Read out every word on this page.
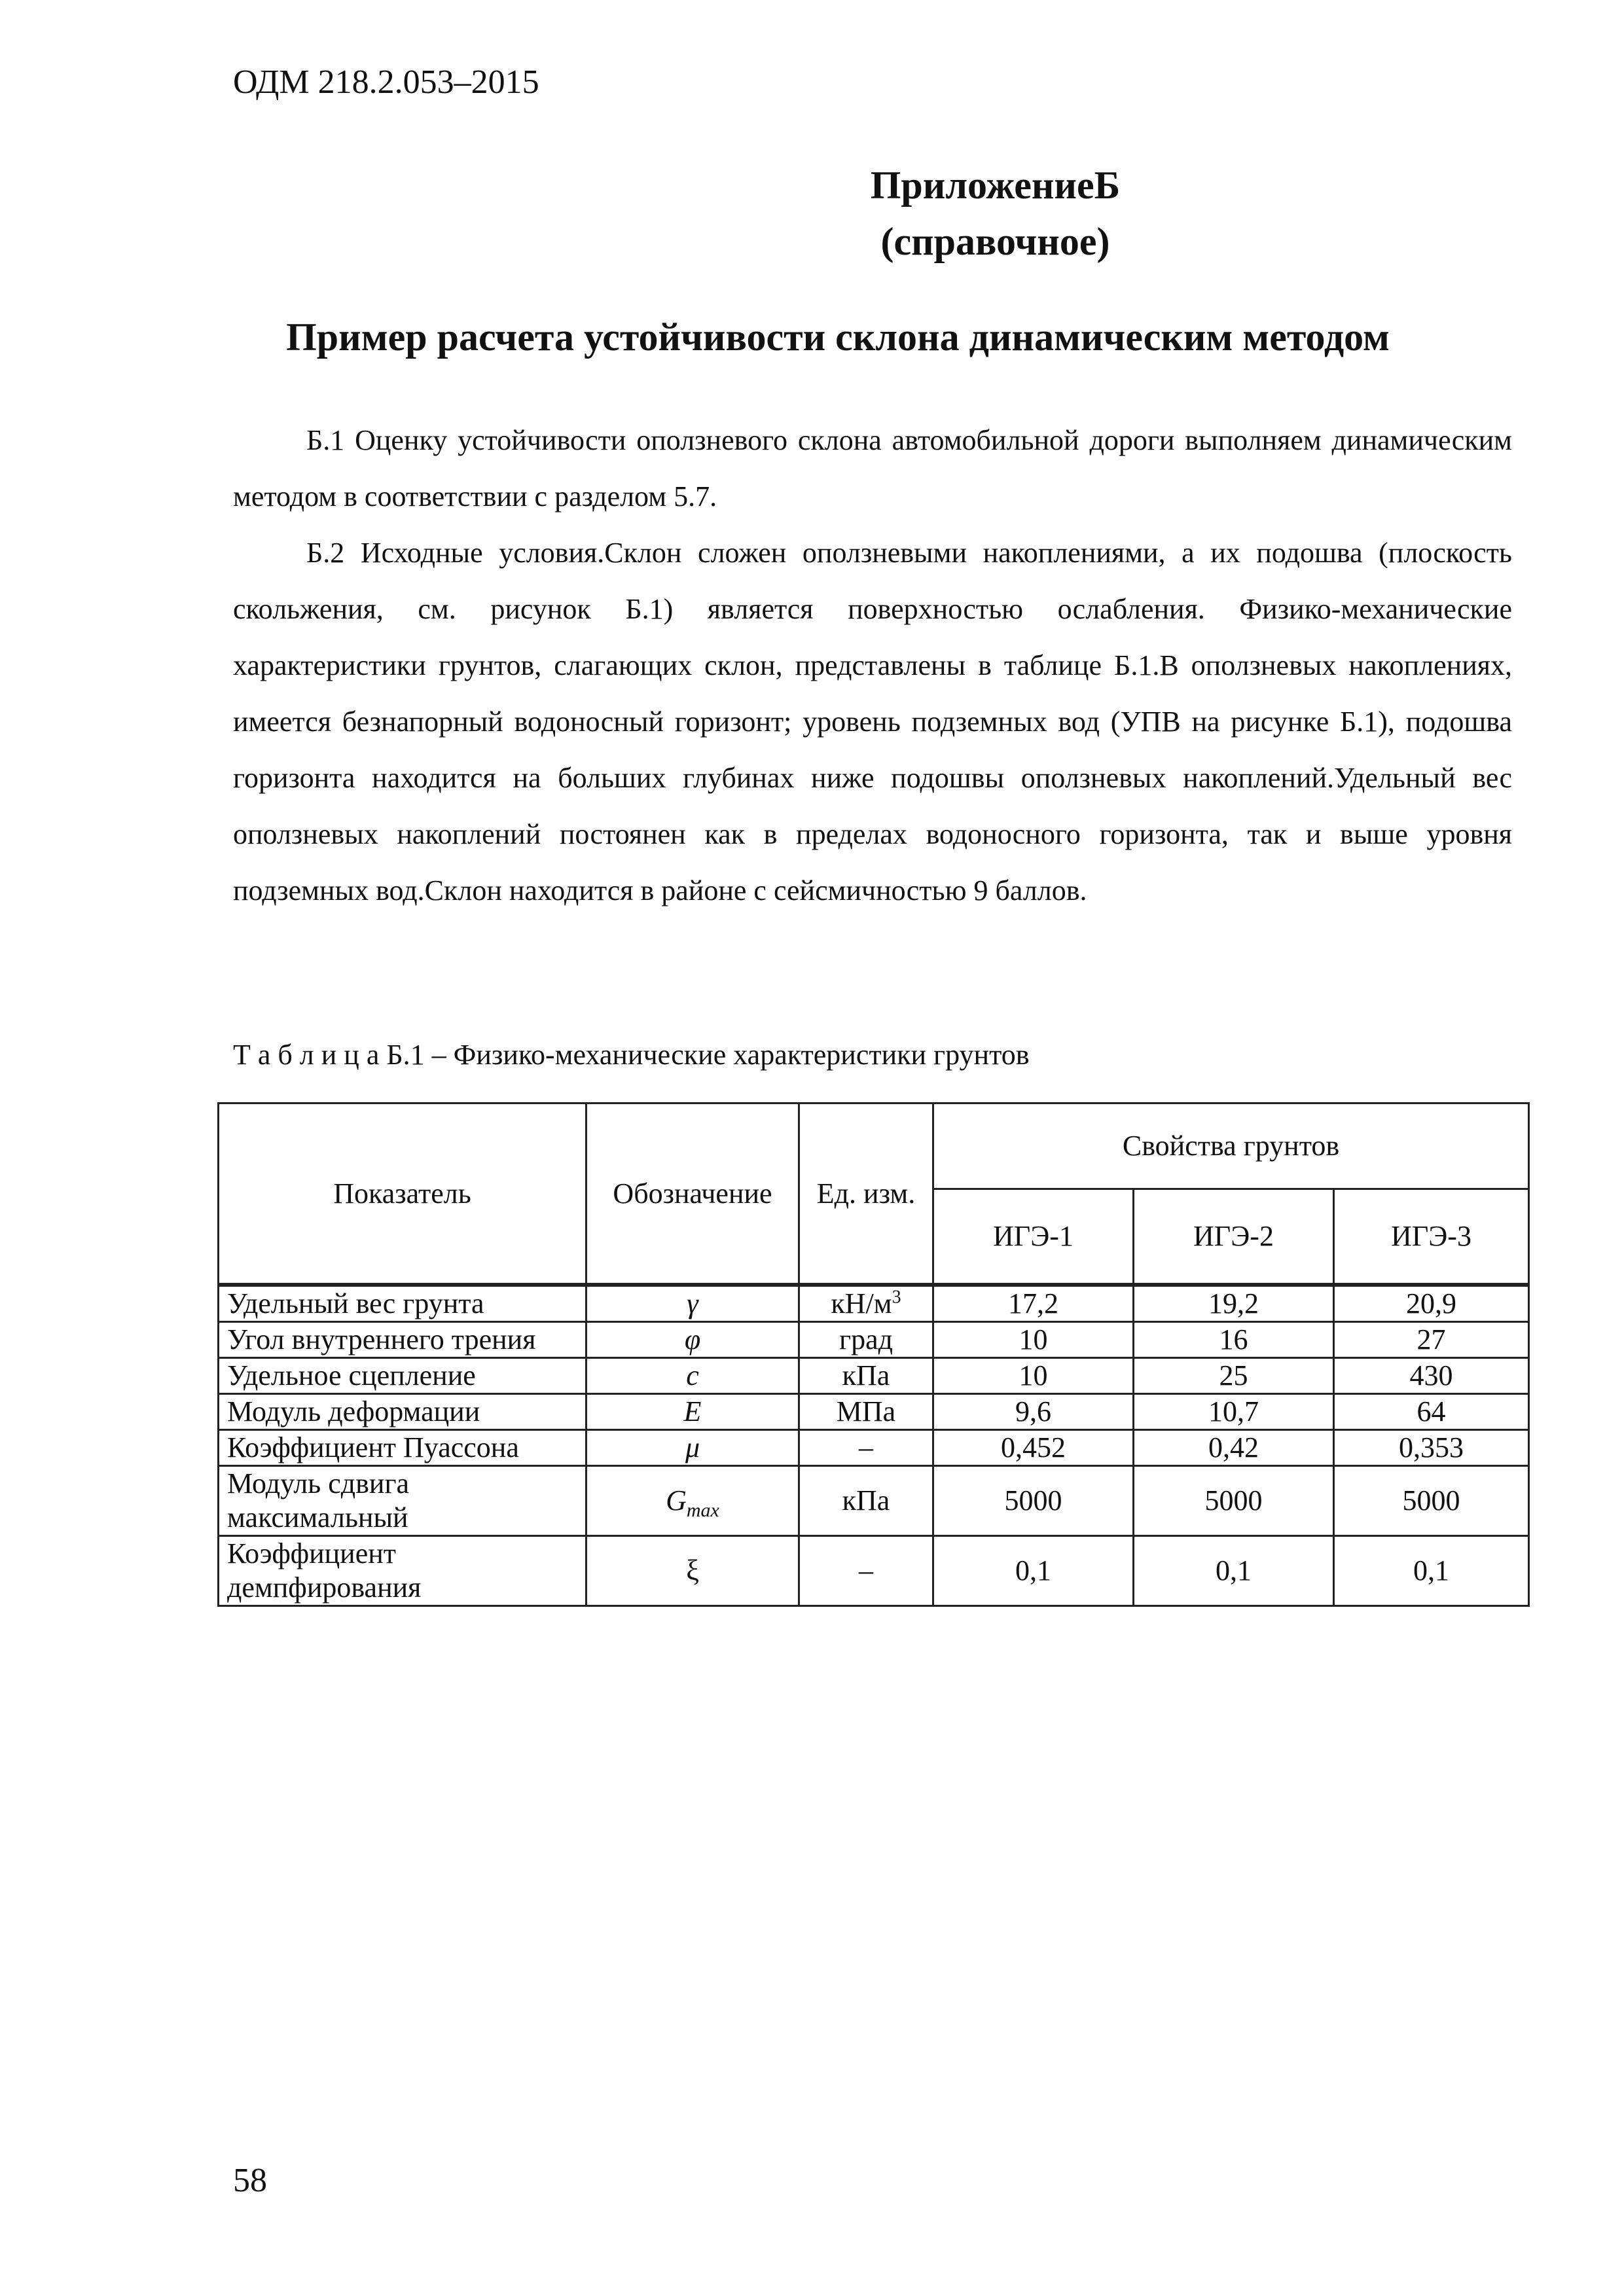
ОДМ 218.2.053–2015
ПриложениеБ
(справочное)
Пример расчета устойчивости склона динамическим методом

Б.1 Оценку устойчивости оползневого склона автомобильной дороги выполняем динамическим методом в соответствии с разделом 5.7.

Б.2 Исходные условия.Склон сложен оползневыми накоплениями, а их подошва (плоскость скольжения, см. рисунок Б.1) является поверхностью ослабления. Физико-механические характеристики грунтов, слагающих склон, представлены в таблице Б.1.В оползневых накоплениях, имеется безнапорный водоносный горизонт; уровень подземных вод (УПВ на рисунке Б.1), подошва горизонта находится на больших глубинах ниже подошвы оползневых накоплений.Удельный вес оползневых накоплений постоянен как в пределах водоносного горизонта, так и выше уровня подземных вод.Склон находится в районе с сейсмичностью 9 баллов.

Т а б л и ц а Б.1 – Физико-механические характеристики грунтов
Показатель	Обозначение	Ед. изм.	Свойства грунтов		
			ИГЭ-1	ИГЭ-2	ИГЭ-3
Удельный вес грунта	γ	$кН/м^3$	17,2	19,2	20,9
Угол внутреннего трения	φ	град	10	16	27
Удельное сцепление	c	кПа	10	25	430
Модуль деформации	E	МПа	9,6	10,7	64
Коэффициент Пуассона	μ	–	0,452	0,42	0,353
Модуль сдвига максимальный	$G_{max}$	кПа	5000	5000	5000
Коэффициент демпфирования	ξ	–	0,1	0,1	0,1
58
